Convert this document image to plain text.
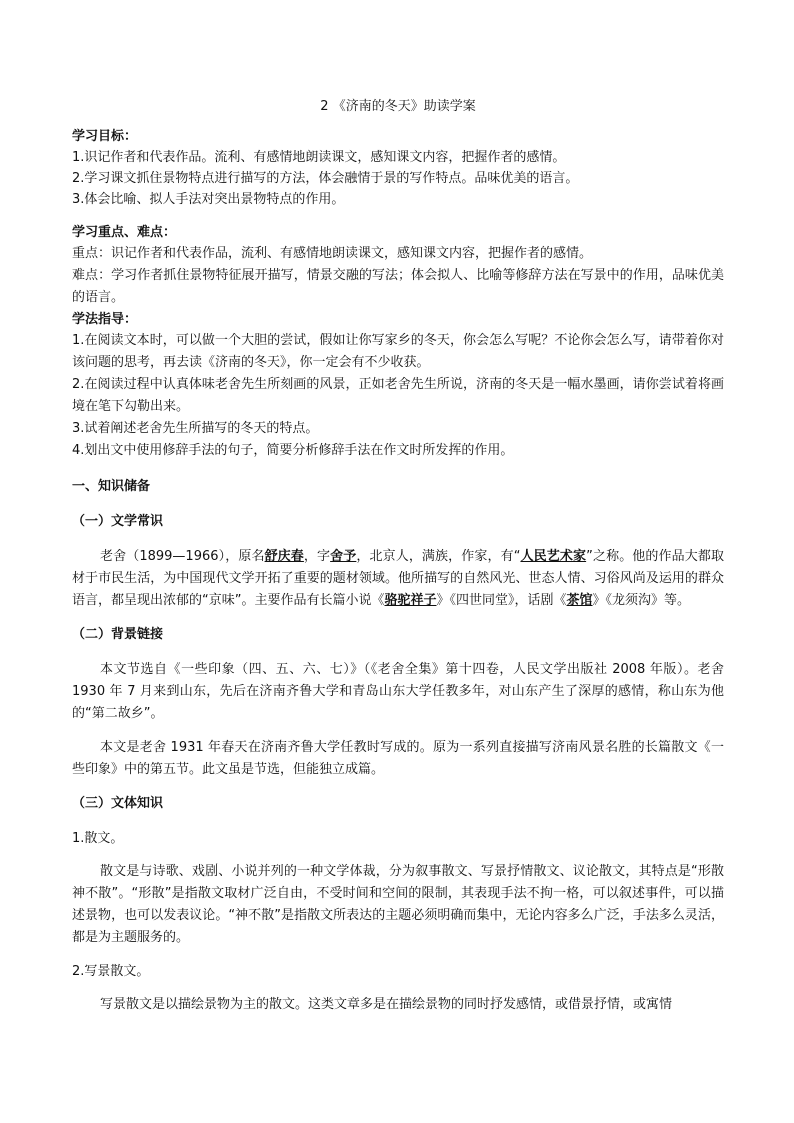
2 《济南的冬天》助读学案
学习目标：
1.识记作者和代表作品。流利、有感情地朗读课文，感知课文内容，把握作者的感情。
2.学习课文抓住景物特点进行描写的方法，体会融情于景的写作特点。品味优美的语言。
3.体会比喻、拟人手法对突出景物特点的作用。
学习重点、难点：
重点：识记作者和代表作品，流利、有感情地朗读课文，感知课文内容，把握作者的感情。
难点：学习作者抓住景物特征展开描写，情景交融的写法；体会拟人、比喻等修辞方法在写景中的作用，品味优美的语言。
学法指导：
1.在阅读文本时，可以做一个大胆的尝试，假如让你写家乡的冬天，你会怎么写呢？不论你会怎么写，请带着你对该问题的思考，再去读《济南的冬天》，你一定会有不少收获。
2.在阅读过程中认真体味老舍先生所刻画的风景，正如老舍先生所说，济南的冬天是一幅水墨画，请你尝试着将画境在笔下勾勒出来。
3.试着阐述老舍先生所描写的冬天的特点。
4.划出文中使用修辞手法的句子，简要分析修辞手法在作文时所发挥的作用。
一、知识储备
（一）文学常识
老舍（1899—1966），原名舒庆春，字舍予，北京人，满族，作家，有“人民艺术家”之称。他的作品大都取材于市民生活，为中国现代文学开拓了重要的题材领域。他所描写的自然风光、世态人情、习俗风尚及运用的群众语言，都呈现出浓郁的“京味”。主要作品有长篇小说《骆驼祥子》《四世同堂》，话剧《茶馆》《龙须沟》等。
（二）背景链接
本文节选自《一些印象（四、五、六、七）》（《老舍全集》第十四卷，人民文学出版社 2008 年版）。老舍 1930 年 7 月来到山东，先后在济南齐鲁大学和青岛山东大学任教多年，对山东产生了深厚的感情，称山东为他的“第二故乡”。
本文是老舍 1931 年春天在济南齐鲁大学任教时写成的。原为一系列直接描写济南风景名胜的长篇散文《一些印象》中的第五节。此文虽是节选，但能独立成篇。
（三）文体知识
1.散文。
散文是与诗歌、戏剧、小说并列的一种文学体裁，分为叙事散文、写景抒情散文、议论散文，其特点是“形散神不散”。“形散”是指散文取材广泛自由，不受时间和空间的限制，其表现手法不拘一格，可以叙述事件，可以描述景物，也可以发表议论。“神不散”是指散文所表达的主题必须明确而集中，无论内容多么广泛，手法多么灵活，都是为主题服务的。
2.写景散文。
写景散文是以描绘景物为主的散文。这类文章多是在描绘景物的同时抒发感情，或借景抒情，或寓情
